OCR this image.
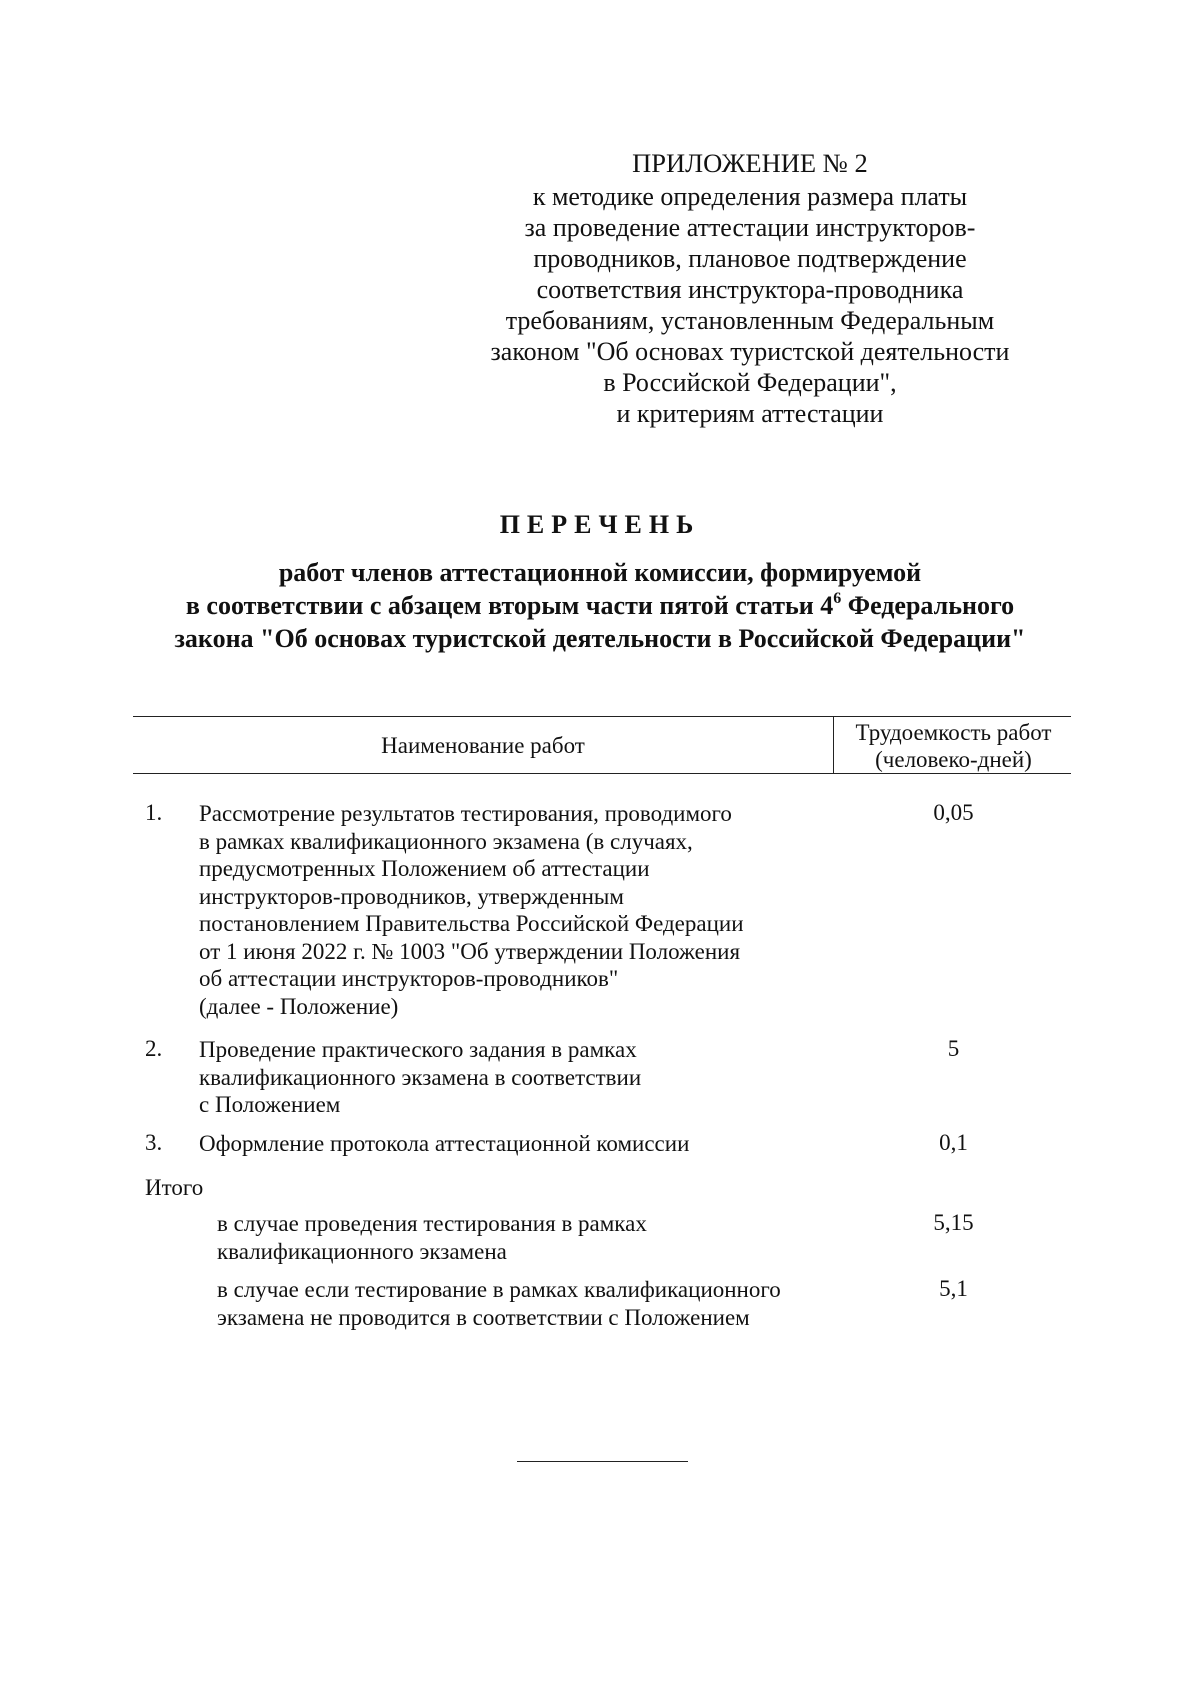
ПРИЛОЖЕНИЕ № 2
к методике определения размера платы
за проведение аттестации инструкторов-
проводников, плановое подтверждение
соответствия инструктора-проводника
требованиям, установленным Федеральным
законом "Об основах туристской деятельности
в Российской Федерации",
и критериям аттестации
ПЕРЕЧЕНЬ
работ членов аттестационной комиссии, формируемой
в соответствии с абзацем вторым части пятой статьи $4^6$ Федерального
закона "Об основах туристской деятельности в Российской Федерации"
Наименование работ
Трудоемкость работ
(человеко-дней)
1. Рассмотрение результатов тестирования, проводимого
в рамках квалификационного экзамена (в случаях,
предусмотренных Положением об аттестации
инструкторов-проводников, утвержденным
постановлением Правительства Российской Федерации
от 1 июня 2022 г. № 1003 "Об утверждении Положения
об аттестации инструкторов-проводников"
(далее - Положение)
0,05
2. Проведение практического задания в рамках
квалификационного экзамена в соответствии
с Положением
5
3. Оформление протокола аттестационной комиссии	0,1
Итого
в случае проведения тестирования в рамках
квалификационного экзамена
5,15
в случае если тестирование в рамках квалификационного
экзамена не проводится в соответствии с Положением
5,1
